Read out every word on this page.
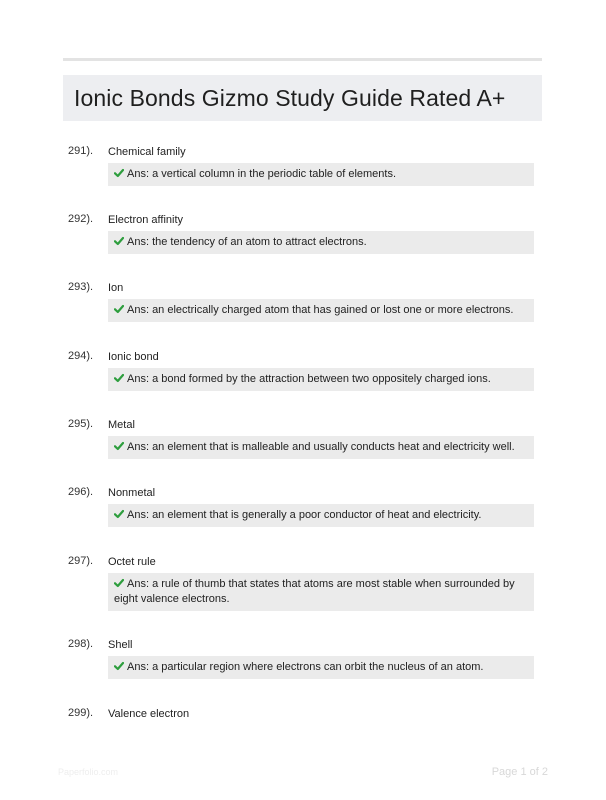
Ionic Bonds Gizmo Study Guide Rated A+
291). Chemical family
Ans: a vertical column in the periodic table of elements.
292). Electron affinity
Ans: the tendency of an atom to attract electrons.
293). Ion
Ans: an electrically charged atom that has gained or lost one or more electrons.
294). Ionic bond
Ans: a bond formed by the attraction between two oppositely charged ions.
295). Metal
Ans: an element that is malleable and usually conducts heat and electricity well.
296). Nonmetal
Ans: an element that is generally a poor conductor of heat and electricity.
297). Octet rule
Ans: a rule of thumb that states that atoms are most stable when surrounded by eight valence electrons.
298). Shell
Ans: a particular region where electrons can orbit the nucleus of an atom.
299). Valence electron
Paperfolio.com	Page 1 of 2
